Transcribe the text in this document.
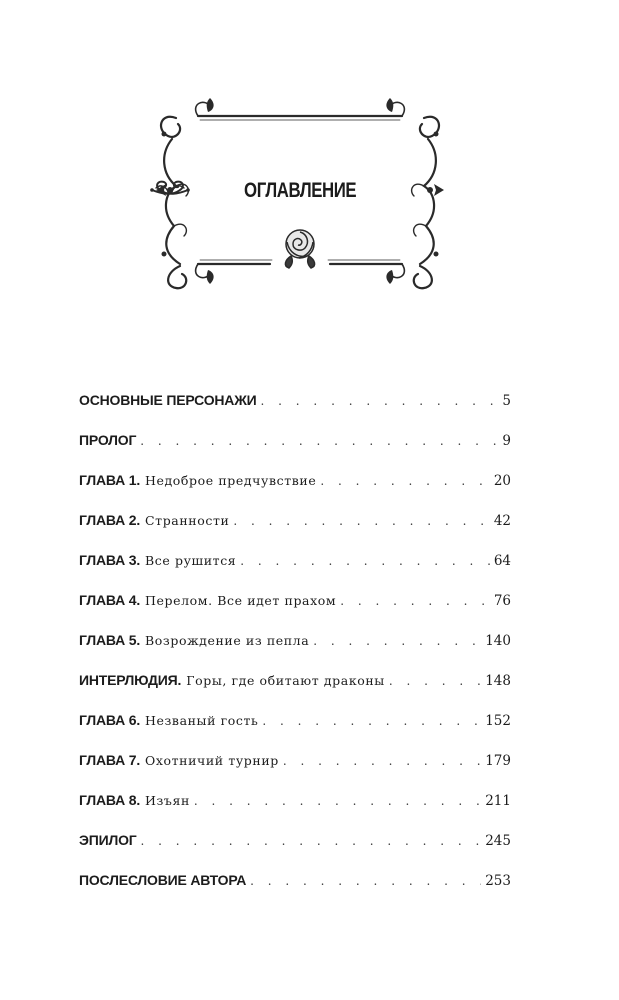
ОГЛАВЛЕНИЕ
ОСНОВНЫЕ ПЕРСОНАЖИ . . .	5
ПРОЛОГ . . .	9
ГЛАВА 1. Недоброе предчувствие . . .	20
ГЛАВА 2. Странности . . .	42
ГЛАВА 3. Все рушится . . .	64
ГЛАВА 4. Перелом. Все идет прахом . . .	76
ГЛАВА 5. Возрождение из пепла . . .	140
ИНТЕРЛЮДИЯ. Горы, где обитают драконы . . .	148
ГЛАВА 6. Незваный гость . . .	152
ГЛАВА 7. Охотничий турнир . . .	179
ГЛАВА 8. Изъян . . .	211
ЭПИЛОГ . . .	245
ПОСЛЕСЛОВИЕ АВТОРА . . .	253
